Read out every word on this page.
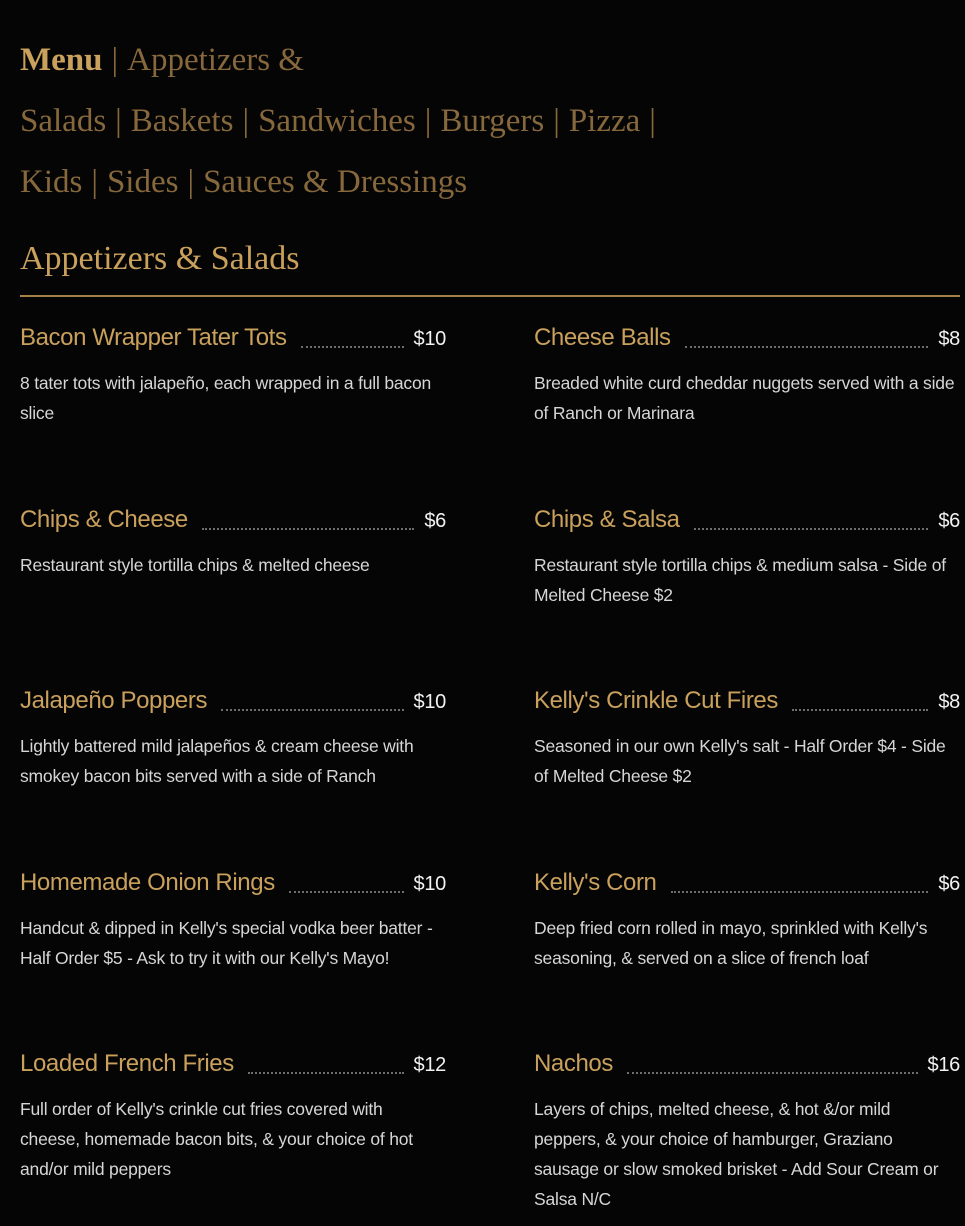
Menu | Appetizers & Salads | Baskets | Sandwiches | Burgers | Pizza | Kids | Sides | Sauces & Dressings
Appetizers & Salads
Bacon Wrapper Tater Tots	$10
8 tater tots with jalapeño, each wrapped in a full bacon slice
Cheese Balls	$8
Breaded white curd cheddar nuggets served with a side of Ranch or Marinara
Chips & Cheese	$6
Restaurant style tortilla chips & melted cheese
Chips & Salsa	$6
Restaurant style tortilla chips & medium salsa - Side of Melted Cheese $2
Jalapeño Poppers	$10
Lightly battered mild jalapeños & cream cheese with smokey bacon bits served with a side of Ranch
Kelly's Crinkle Cut Fires	$8
Seasoned in our own Kelly's salt - Half Order $4 - Side of Melted Cheese $2
Homemade Onion Rings	$10
Handcut & dipped in Kelly's special vodka beer batter - Half Order $5 - Ask to try it with our Kelly's Mayo!
Kelly's Corn	$6
Deep fried corn rolled in mayo, sprinkled with Kelly's seasoning, & served on a slice of french loaf
Loaded French Fries	$12
Full order of Kelly's crinkle cut fries covered with cheese, homemade bacon bits, & your choice of hot and/or mild peppers
Nachos	$16
Layers of chips, melted cheese, & hot &/or mild peppers, & your choice of hamburger, Graziano sausage or slow smoked brisket - Add Sour Cream or Salsa N/C
